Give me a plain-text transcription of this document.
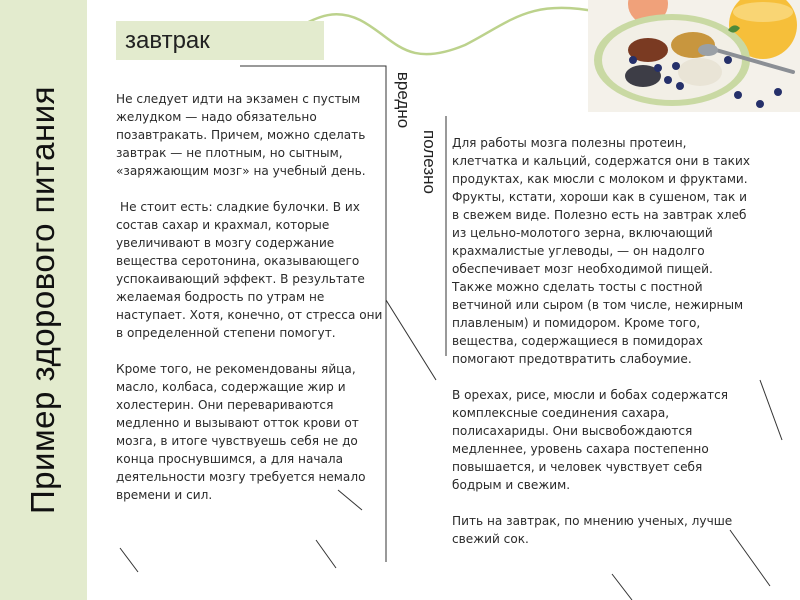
Пример здорового питания
завтрак
вредно
полезно

Не следует идти на экзамен с пустым желудком — надо обязательно позавтракать. Причем, можно сделать завтрак — не плотным, но сытным, «заряжающим мозг» на учебный день.

Не стоит есть: сладкие булочки. В их состав сахар и крахмал, которые увеличивают в мозгу содержание вещества серотонина, оказывающего успокаивающий эффект. В результате желаемая бодрость по утрам не наступает. Хотя, конечно, от стресса они в определенной степени помогут.

Кроме того, не рекомендованы яйца, масло, колбаса, содержащие жир и холестерин. Они перевариваются медленно и вызывают отток крови от мозга, в итоге чувствуешь себя не до конца проснувшимся, а для начала деятельности мозгу требуется немало времени и сил.

Для работы мозга полезны протеин, клетчатка и кальций, содержатся они в таких продуктах, как мюсли с молоком и фруктами. Фрукты, кстати, хороши как в сушеном, так и в свежем виде. Полезно есть на завтрак хлеб из цельно-молотого зерна, включающий крахмалистые углеводы, — он надолго обеспечивает мозг необходимой пищей. Также можно сделать тосты с постной ветчиной или сыром (в том числе, нежирным плавленым) и помидором. Кроме того, вещества, содержащиеся в помидорах помогают предотвратить слабоумие.

В орехах, рисе, мюсли и бобах содержатся комплексные соединения сахара, полисахариды. Они высвобождаются медленнее, уровень сахара постепенно повышается, и человек чувствует себя бодрым и свежим.

Пить на завтрак, по мнению ученых, лучше свежий сок.
